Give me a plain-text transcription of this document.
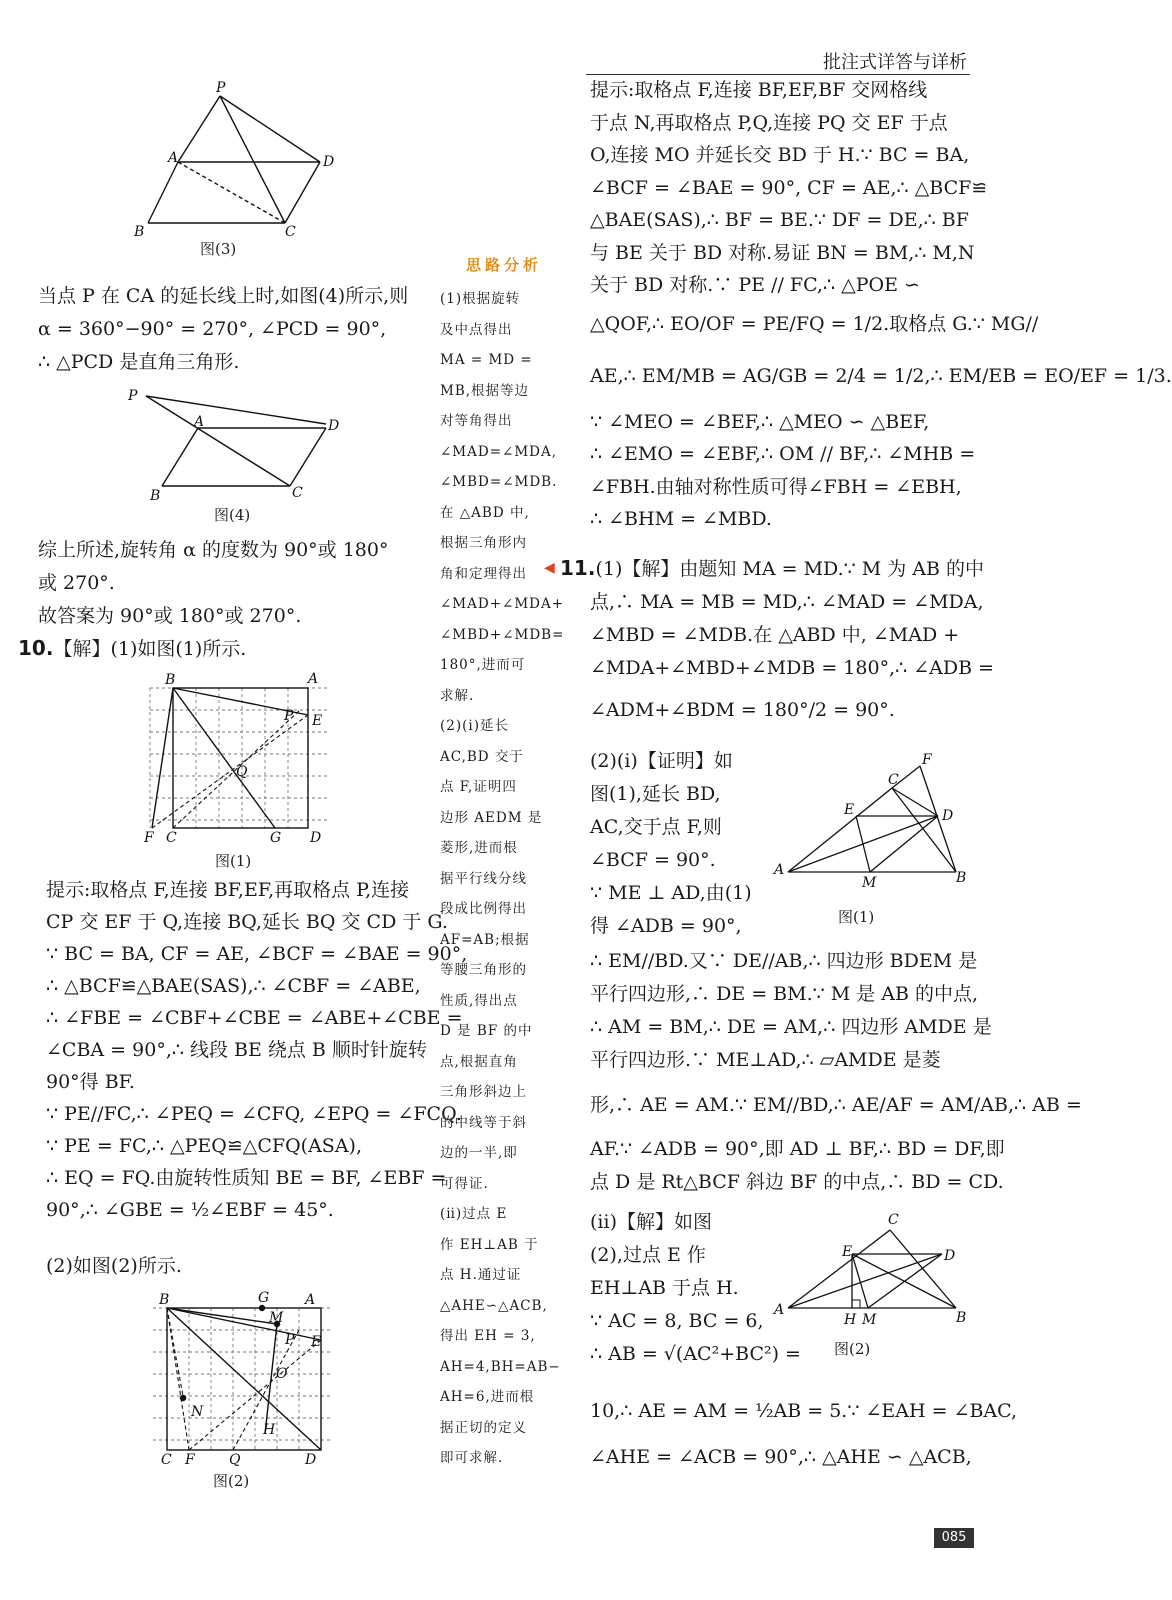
批注式详答与详析
P
A	D
B	C
图(3)
当点 P 在 CA 的延长线上时,如图(4)所示,则
α = 360°−90° = 270°, ∠PCD = 90°,
∴ △PCD 是直角三角形.
P
A	D
B	C
图(4)
综上所述,旋转角 α 的度数为 90°或 180°
或 270°.
故答案为 90°或 180°或 270°.
10.【解】(1)如图(1)所示.
B	A
P E
Q
F C	G D
图(1)
提示:取格点 F,连接 BF,EF,再取格点 P,连接
CP 交 EF 于 Q,连接 BQ,延长 BQ 交 CD 于 G.
∵ BC = BA, CF = AE, ∠BCF = ∠BAE = 90°,
∴ △BCF≌△BAE(SAS),∴ ∠CBF = ∠ABE,
∴ ∠FBE = ∠CBF+∠CBE = ∠ABE+∠CBE =
∠CBA = 90°,∴ 线段 BE 绕点 B 顺时针旋转
90°得 BF.
∵ PE//FC,∴ ∠PEQ = ∠CFQ, ∠EPQ = ∠FCQ.
∵ PE = FC,∴ △PEQ≌△CFQ(ASA),
∴ EQ = FQ.由旋转性质知 BE = BF, ∠EBF =
90°,∴ ∠GBE = ½∠EBF = 45°.
(2)如图(2)所示.
B	G	A
M
P E
O
N
H
C F Q	D
图(2)
思路分析
(1)根据旋转
及中点得出
MA = MD =
MB,根据等边
对等角得出
∠MAD=∠MDA,
∠MBD=∠MDB.
在 △ABD 中,
根据三角形内
角和定理得出
∠MAD+∠MDA+
∠MBD+∠MDB=
180°,进而可
求解.
(2)(ⅰ)延长
AC,BD 交于
点 F,证明四
边形 AEDM 是
菱形,进而根
据平行线分线
段成比例得出
AF=AB;根据
等腰三角形的
性质,得出点
D 是 BF 的中
点,根据直角
三角形斜边上
的中线等于斜
边的一半,即
可得证.
(ⅱ)过点 E
作 EH⊥AB 于
点 H.通过证
△AHE∽△ACB,
得出 EH = 3,
AH=4,BH=AB−
AH=6,进而根
据正切的定义
即可求解.
◀
提示:取格点 F,连接 BF,EF,BF 交网格线
于点 N,再取格点 P,Q,连接 PQ 交 EF 于点
O,连接 MO 并延长交 BD 于 H.∵ BC = BA,
∠BCF = ∠BAE = 90°, CF = AE,∴ △BCF≌
△BAE(SAS),∴ BF = BE.∵ DF = DE,∴ BF
与 BE 关于 BD 对称.易证 BN = BM,∴ M,N
关于 BD 对称.∵ PE // FC,∴ △POE ∽
△QOF,∴ EO/OF = PE/FQ = 1/2.取格点 G.∵ MG//
AE,∴ EM/MB = AG/GB = 2/4 = 1/2,∴ EM/EB = EO/EF = 1/3.
∵ ∠MEO = ∠BEF,∴ △MEO ∽ △BEF,
∴ ∠EMO = ∠EBF,∴ OM // BF,∴ ∠MHB =
∠FBH.由轴对称性质可得∠FBH = ∠EBH,
∴ ∠BHM = ∠MBD.
11.(1)【解】由题知 MA = MD.∵ M 为 AB 的中
点,∴ MA = MB = MD,∴ ∠MAD = ∠MDA,
∠MBD = ∠MDB.在 △ABD 中, ∠MAD +
∠MDA+∠MBD+∠MDB = 180°,∴ ∠ADB =
∠ADM+∠BDM = 180°/2 = 90°.
(2)(ⅰ)【证明】如
图(1),延长 BD,
AC,交于点 F,则
∠BCF = 90°.
∵ ME ⊥ AD,由(1)
得 ∠ADB = 90°,
F
C
E	D
A
M	B
图(1)
∴ EM//BD.又∵ DE//AB,∴ 四边形 BDEM 是
平行四边形,∴ DE = BM.∵ M 是 AB 的中点,
∴ AM = BM,∴ DE = AM,∴ 四边形 AMDE 是
平行四边形.∵ ME⊥AD,∴ ▱AMDE 是菱
形,∴ AE = AM.∵ EM//BD,∴ AE/AF = AM/AB,∴ AB =
AF.∵ ∠ADB = 90°,即 AD ⊥ BF,∴ BD = DF,即
点 D 是 Rt△BCF 斜边 BF 的中点,∴ BD = CD.
(ⅱ)【解】如图
(2),过点 E 作
EH⊥AB 于点 H.
∵ AC = 8, BC = 6,
∴ AB = √(AC²+BC²) =
C
E	D
A
H M	B
图(2)
10,∴ AE = AM = ½AB = 5.∵ ∠EAH = ∠BAC,
∠AHE = ∠ACB = 90°,∴ △AHE ∽ △ACB,
085
